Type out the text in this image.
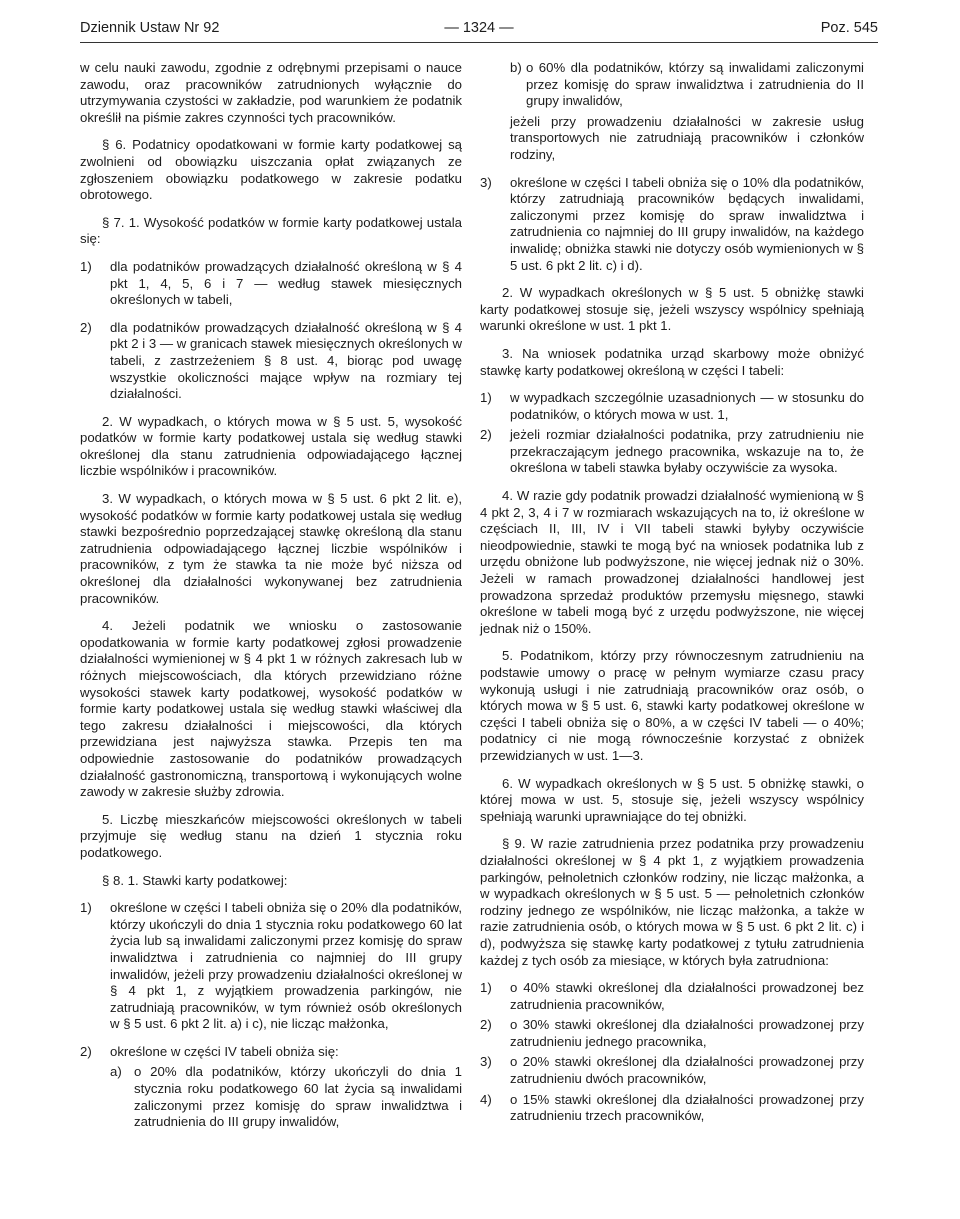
Dziennik Ustaw Nr 92	— 1324 —	Poz. 545

w celu nauki zawodu, zgodnie z odrębnymi przepisami o nauce zawodu, oraz pracowników zatrudnionych wyłącznie do utrzymywania czystości w zakładzie, pod warunkiem że podatnik określił na piśmie zakres czynności tych pracowników.

§ 6. Podatnicy opodatkowani w formie karty podatkowej są zwolnieni od obowiązku uiszczania opłat związanych ze zgłoszeniem obowiązku podatkowego w zakresie podatku obrotowego.

§ 7. 1. Wysokość podatków w formie karty podatkowej ustala się:

1) dla podatników prowadzących działalność określoną w § 4 pkt 1, 4, 5, 6 i 7 — według stawek miesięcznych określonych w tabeli,
2) dla podatników prowadzących działalność określoną w § 4 pkt 2 i 3 — w granicach stawek miesięcznych określonych w tabeli, z zastrzeżeniem § 8 ust. 4, biorąc pod uwagę wszystkie okoliczności mające wpływ na rozmiary tej działalności.

2. W wypadkach, o których mowa w § 5 ust. 5, wysokość podatków w formie karty podatkowej ustala się według stawki określonej dla stanu zatrudnienia odpowiadającego łącznej liczbie wspólników i pracowników.

3. W wypadkach, o których mowa w § 5 ust. 6 pkt 2 lit. e), wysokość podatków w formie karty podatkowej ustala się według stawki bezpośrednio poprzedzającej stawkę określoną dla stanu zatrudnienia odpowiadającego łącznej liczbie wspólników i pracowników, z tym że stawka ta nie może być niższa od określonej dla działalności wykonywanej bez zatrudnienia pracowników.

4. Jeżeli podatnik we wniosku o zastosowanie opodatkowania w formie karty podatkowej zgłosi prowadzenie działalności wymienionej w § 4 pkt 1 w różnych zakresach lub w różnych miejscowościach, dla których przewidziano różne wysokości stawek karty podatkowej, wysokość podatków w formie karty podatkowej ustala się według stawki właściwej dla tego zakresu działalności i miejscowości, dla których przewidziana jest najwyższa stawka. Przepis ten ma odpowiednie zastosowanie do podatników prowadzących działalność gastronomiczną, transportową i wykonujących wolne zawody w zakresie służby zdrowia.

5. Liczbę mieszkańców miejscowości określonych w tabeli przyjmuje się według stanu na dzień 1 stycznia roku podatkowego.

§ 8. 1. Stawki karty podatkowej:

1) określone w części I tabeli obniża się o 20% dla podatników, którzy ukończyli do dnia 1 stycznia roku podatkowego 60 lat życia lub są inwalidami zaliczonymi przez komisję do spraw inwalidztwa i zatrudnienia co najmniej do III grupy inwalidów, jeżeli przy prowadzeniu działalności określonej w § 4 pkt 1, z wyjątkiem prowadzenia parkingów, nie zatrudniają pracowników, w tym również osób określonych w § 5 ust. 6 pkt 2 lit. a) i c), nie licząc małżonka,
2) określone w części IV tabeli obniża się:
a) o 20% dla podatników, którzy ukończyli do dnia 1 stycznia roku podatkowego 60 lat życia są inwalidami zaliczonymi przez komisję do spraw inwalidztwa i zatrudnienia do III grupy inwalidów,
b) o 60% dla podatników, którzy są inwalidami zaliczonymi przez komisję do spraw inwalidztwa i zatrudnienia do II grupy inwalidów,

jeżeli przy prowadzeniu działalności w zakresie usług transportowych nie zatrudniają pracowników i członków rodziny,

3) określone w części I tabeli obniża się o 10% dla podatników, którzy zatrudniają pracowników będących inwalidami, zaliczonymi przez komisję do spraw inwalidztwa i zatrudnienia co najmniej do III grupy inwalidów, na każdego inwalidę; obniżka stawki nie dotyczy osób wymienionych w § 5 ust. 6 pkt 2 lit. c) i d).

2. W wypadkach określonych w § 5 ust. 5 obniżkę stawki karty podatkowej stosuje się, jeżeli wszyscy wspólnicy spełniają warunki określone w ust. 1 pkt 1.

3. Na wniosek podatnika urząd skarbowy może obniżyć stawkę karty podatkowej określoną w części I tabeli:

1) w wypadkach szczególnie uzasadnionych — w stosunku do podatników, o których mowa w ust. 1,
2) jeżeli rozmiar działalności podatnika, przy zatrudnieniu nie przekraczającym jednego pracownika, wskazuje na to, że określona w tabeli stawka byłaby oczywiście za wysoka.

4. W razie gdy podatnik prowadzi działalność wymienioną w § 4 pkt 2, 3, 4 i 7 w rozmiarach wskazujących na to, iż określone w częściach II, III, IV i VII tabeli stawki byłyby oczywiście nieodpowiednie, stawki te mogą być na wniosek podatnika lub z urzędu obniżone lub podwyższone, nie więcej jednak niż o 30%. Jeżeli w ramach prowadzonej działalności handlowej jest prowadzona sprzedaż produktów przemysłu mięsnego, stawki określone w tabeli mogą być z urzędu podwyższone, nie więcej jednak niż o 150%.

5. Podatnikom, którzy przy równoczesnym zatrudnieniu na podstawie umowy o pracę w pełnym wymiarze czasu pracy wykonują usługi i nie zatrudniają pracowników oraz osób, o których mowa w § 5 ust. 6, stawki karty podatkowej określone w części I tabeli obniża się o 80%, a w części IV tabeli — o 40%; podatnicy ci nie mogą równocześnie korzystać z obniżek przewidzianych w ust. 1—3.

6. W wypadkach określonych w § 5 ust. 5 obniżkę stawki, o której mowa w ust. 5, stosuje się, jeżeli wszyscy wspólnicy spełniają warunki uprawniające do tej obniżki.

§ 9. W razie zatrudnienia przez podatnika przy prowadzeniu działalności określonej w § 4 pkt 1, z wyjątkiem prowadzenia parkingów, pełnoletnich członków rodziny, nie licząc małżonka, a w wypadkach określonych w § 5 ust. 5 — pełnoletnich członków rodziny jednego ze wspólników, nie licząc małżonka, a także w razie zatrudnienia osób, o których mowa w § 5 ust. 6 pkt 2 lit. c) i d), podwyższa się stawkę karty podatkowej z tytułu zatrudnienia każdej z tych osób za miesiące, w których była zatrudniona:

1) o 40% stawki określonej dla działalności prowadzonej bez zatrudnienia pracowników,
2) o 30% stawki określonej dla działalności prowadzonej przy zatrudnieniu jednego pracownika,
3) o 20% stawki określonej dla działalności prowadzonej przy zatrudnieniu dwóch pracowników,
4) o 15% stawki określonej dla działalności prowadzonej przy zatrudnieniu trzech pracowników,
